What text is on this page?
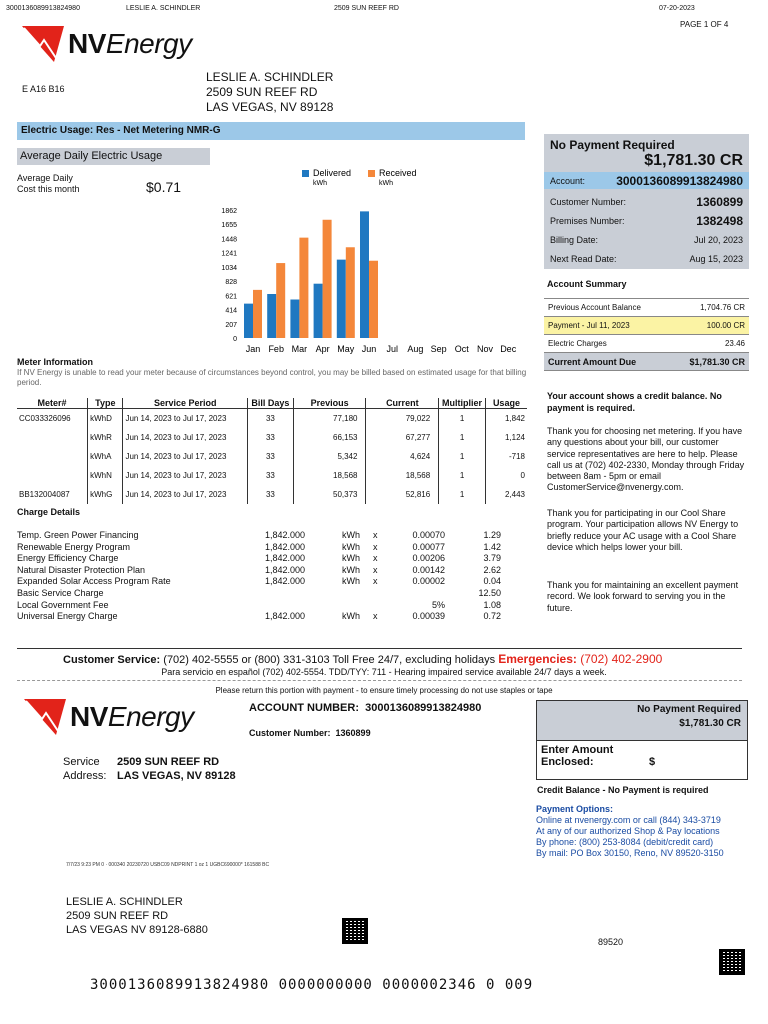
3000136089913824980	LESLIE A. SCHINDLER	2509 SUN REEF RD	07-20-2023
PAGE 1 OF 4
NVEnergy
E A16 B16
LESLIE A. SCHINDLER
2509 SUN REEF RD
LAS VEGAS, NV 89128
Electric Usage: Res - Net Metering NMR-G
Average Daily Electric Usage
Average Daily
Cost this month	$0.71
1862
1655
1448
1241
1034
828
621
414
207
0
Jan Feb Mar Apr May Jun Jul Aug Sep Oct Nov Dec
Delivered
kWh
Received
kWh
Meter Information
If NV Energy is unable to read your meter because of circumstances beyond control, you may be billed based on estimated usage for that billing period.
Meter#	Type	Service Period	Bill Days	Previous	Current	Multiplier	Usage
CC033326096	kWhD	Jun 14, 2023 to Jul 17, 2023	33	77,180	79,022	1	1,842
	kWhR	Jun 14, 2023 to Jul 17, 2023	33	66,153	67,277	1	1,124
	kWhA	Jun 14, 2023 to Jul 17, 2023	33	5,342	4,624	1	-718
	kWhN	Jun 14, 2023 to Jul 17, 2023	33	18,568	18,568	1	0
BB132004087	kWhG	Jun 14, 2023 to Jul 17, 2023	33	50,373	52,816	1	2,443
Charge Details
Temp. Green Power Financing	1,842.000	kWh	x	0.00070	1.29
Renewable Energy Program	1,842.000	kWh	x	0.00077	1.42
Energy Efficiency Charge	1,842.000	kWh	x	0.00206	3.79
Natural Disaster Protection Plan	1,842.000	kWh	x	0.00142	2.62
Expanded Solar Access Program Rate	1,842.000	kWh	x	0.00002	0.04
Basic Service Charge	12.50
Local Government Fee	5%	1.08
Universal Energy Charge	1,842.000	kWh	x	0.00039	0.72
No Payment Required
$1,781.30 CR
Account:	3000136089913824980
Customer Number:	1360899
Premises Number:	1382498
Billing Date:	Jul 20, 2023
Next Read Date:	Aug 15, 2023
Account Summary
Previous Account Balance	1,704.76 CR
Payment - Jul 11, 2023	100.00 CR
Electric Charges	23.46
Current Amount Due	$1,781.30 CR
Your account shows a credit balance. No payment is required.
Thank you for choosing net metering. If you have any questions about your bill, our customer service representatives are here to help. Please call us at (702) 402-2330, Monday through Friday between 8am - 5pm or email CustomerService@nvenergy.com.
Thank you for participating in our Cool Share program. Your participation allows NV Energy to briefly reduce your AC usage with a Cool Share device which helps lower your bill.
Thank you for maintaining an excellent payment record. We look forward to serving you in the future.
Customer Service: (702) 402-5555 or (800) 331-3103 Toll Free 24/7, excluding holidays Emergencies: (702) 402-2900
Para servicio en español (702) 402-5554. TDD/TYY: 711 - Hearing impaired service available 24/7 days a week.
Please return this portion with payment - to ensure timely processing do not use staples or tape
NVEnergy	ACCOUNT NUMBER: 3000136089913824980
Customer Number: 1360899
Service 2509 SUN REEF RD
Address: LAS VEGAS, NV 89128
No Payment Required
$1,781.30 CR
Enter Amount
Enclosed:	$
Credit Balance - No Payment is required
Payment Options:
Online at nvenergy.com or call (844) 343-3719
At any of our authorized Shop & Pay locations
By phone: (800) 253-8084 (debit/credit card)
By mail: PO Box 30150, Reno, NV 89520-3150
7/7/23 9:23 PM 0 · 000340 20230720 USBC09 NDPRINT 1 oz 1 UGBC690000* 161588 BC
LESLIE A. SCHINDLER
2509 SUN REEF RD
LAS VEGAS NV 89128-6880
89520
3000136089913824980 0000000000 0000002346 0 009
